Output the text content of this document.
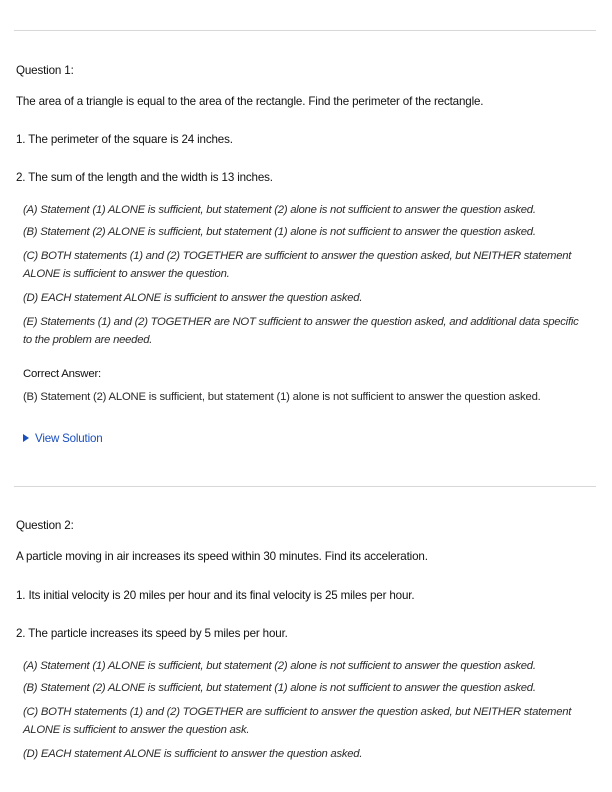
Question 1:
The area of a triangle is equal to the area of the rectangle. Find the perimeter of the rectangle.
1. The perimeter of the square is 24 inches.
2. The sum of the length and the width is 13 inches.
(A) Statement (1) ALONE is sufficient, but statement (2) alone is not sufficient to answer the question asked.
(B) Statement (2) ALONE is sufficient, but statement (1) alone is not sufficient to answer the question asked.
(C) BOTH statements (1) and (2) TOGETHER are sufficient to answer the question asked, but NEITHER statement ALONE is sufficient to answer the question.
(D) EACH statement ALONE is sufficient to answer the question asked.
(E) Statements (1) and (2) TOGETHER are NOT sufficient to answer the question asked, and additional data specific to the problem are needed.
Correct Answer:
(B) Statement (2) ALONE is sufficient, but statement (1) alone is not sufficient to answer the question asked.
View Solution
Question 2:
A particle moving in air increases its speed within 30 minutes. Find its acceleration.
1. Its initial velocity is 20 miles per hour and its final velocity is 25 miles per hour.
2. The particle increases its speed by 5 miles per hour.
(A) Statement (1) ALONE is sufficient, but statement (2) alone is not sufficient to answer the question asked.
(B) Statement (2) ALONE is sufficient, but statement (1) alone is not sufficient to answer the question asked.
(C) BOTH statements (1) and (2) TOGETHER are sufficient to answer the question asked, but NEITHER statement ALONE is sufficient to answer the question ask.
(D) EACH statement ALONE is sufficient to answer the question asked.
